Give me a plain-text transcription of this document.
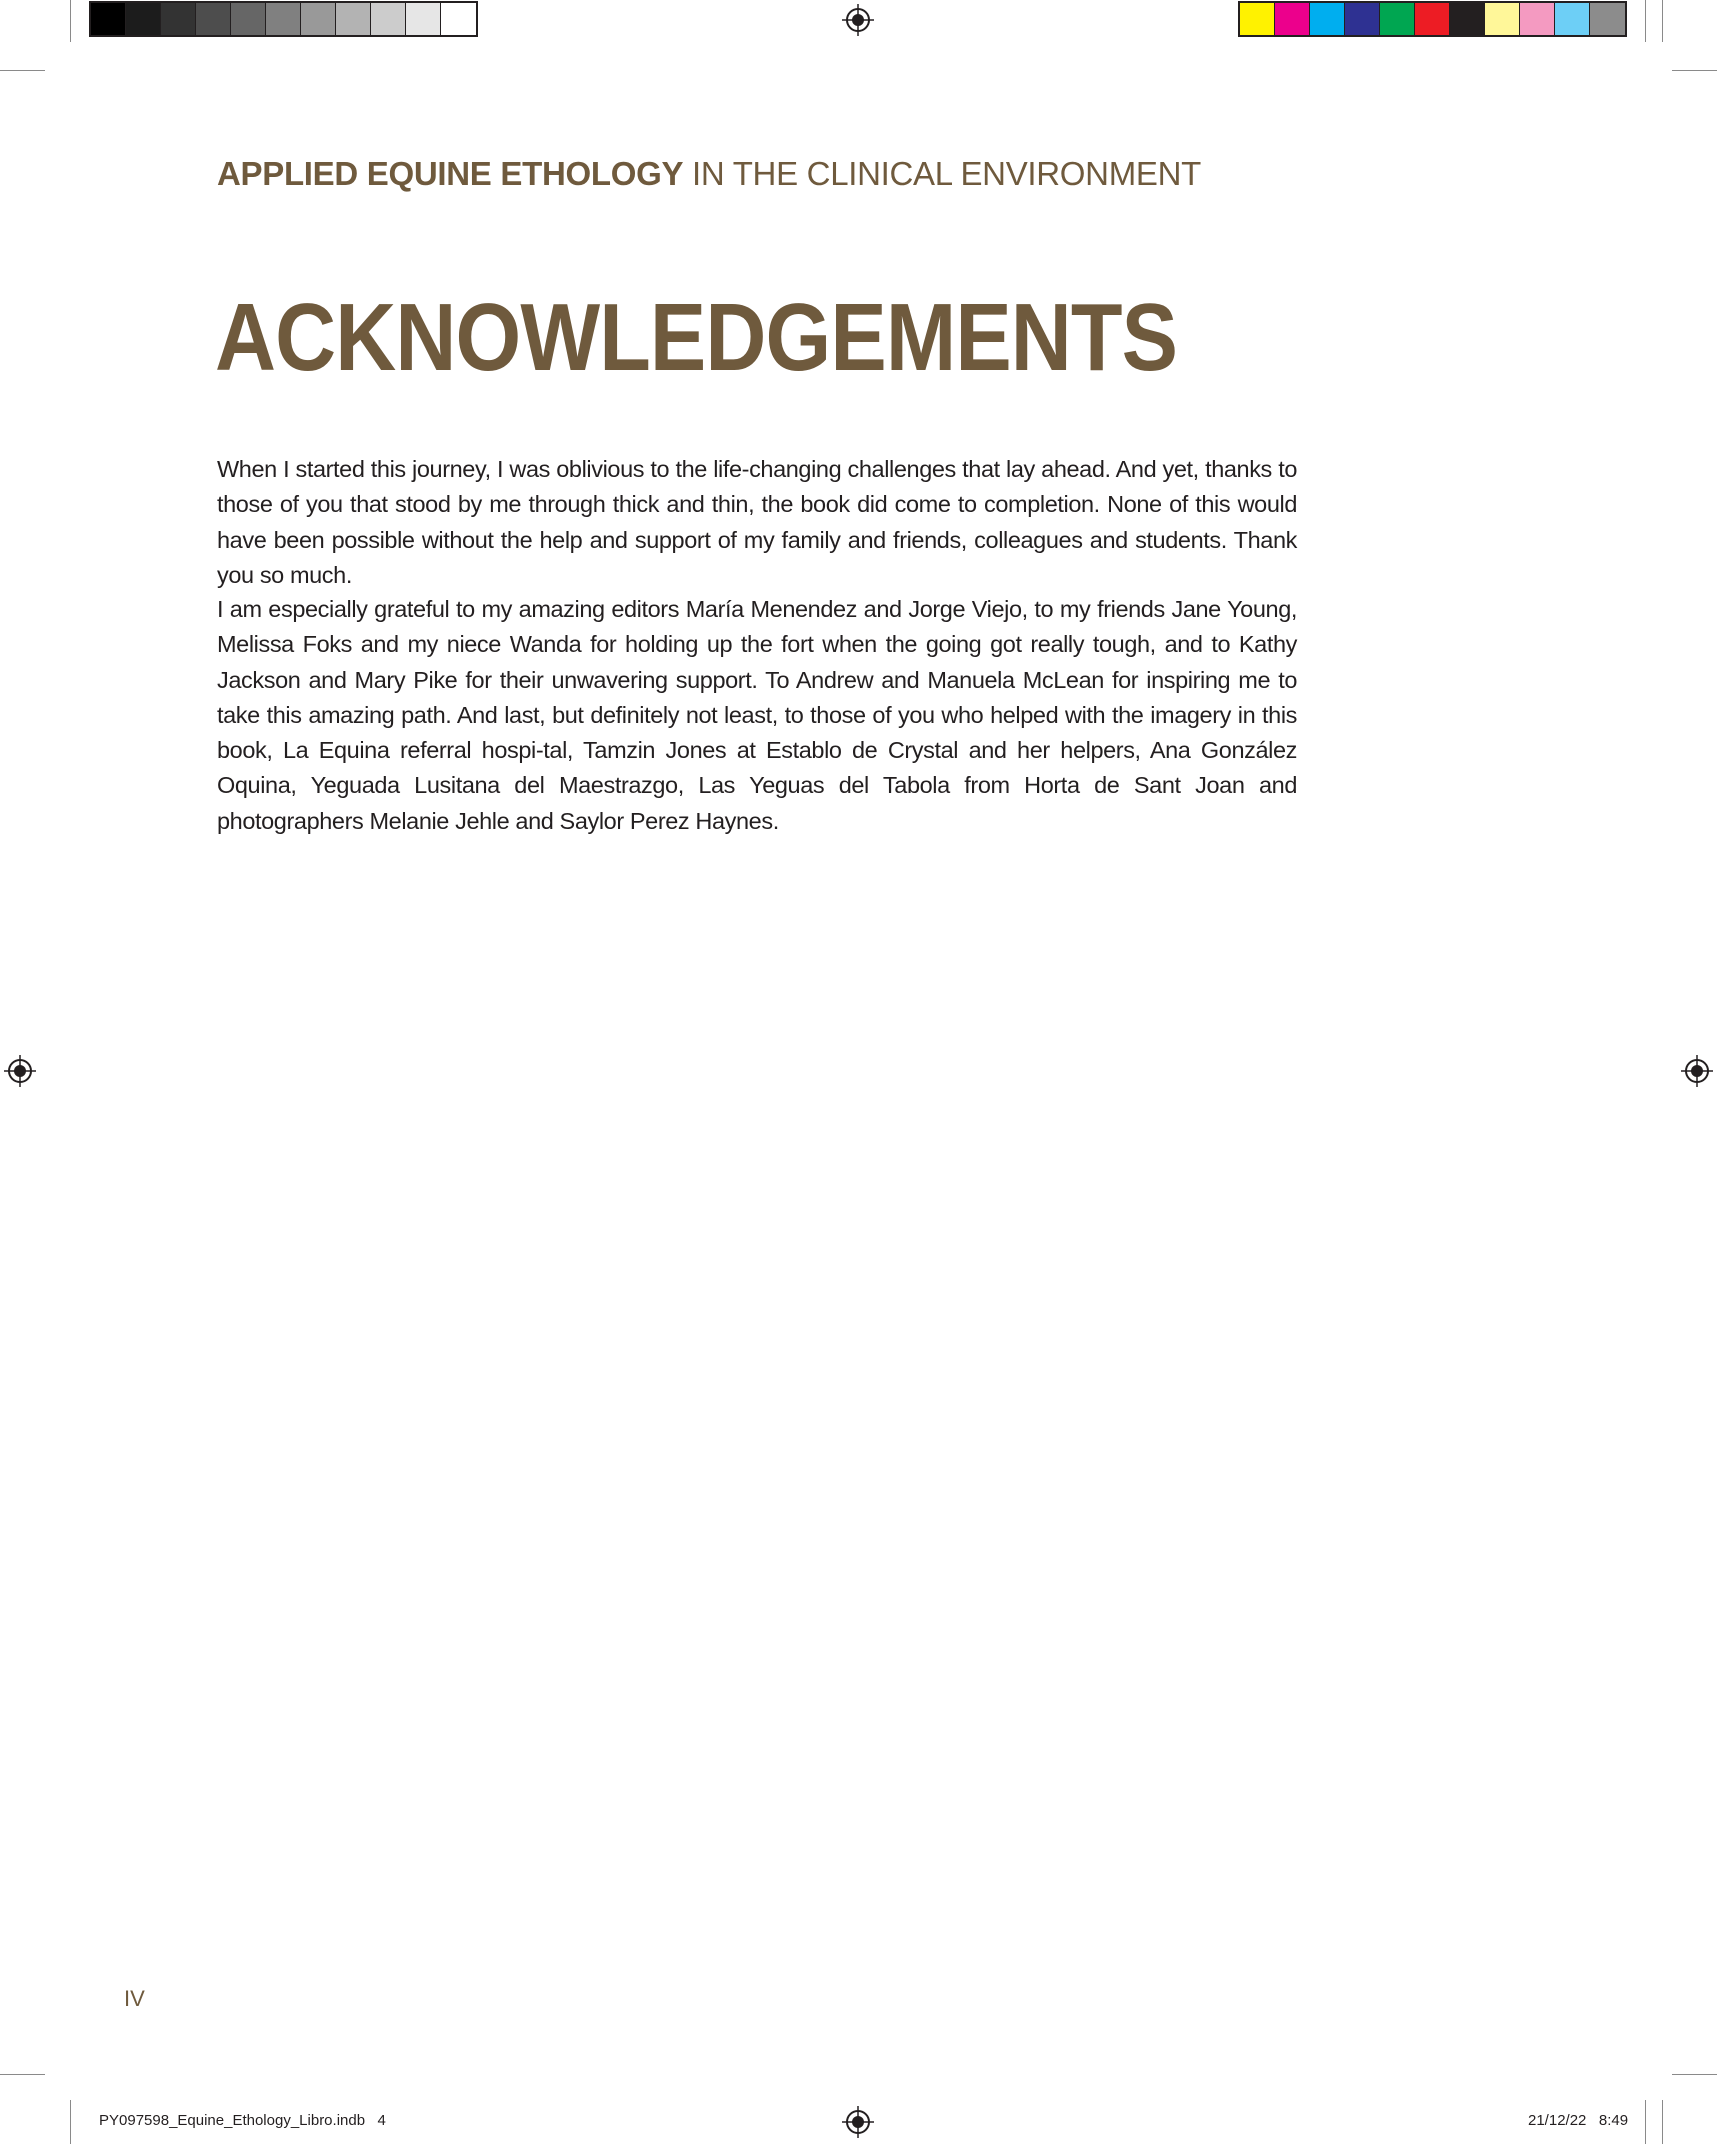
APPLIED EQUINE ETHOLOGY IN THE CLINICAL ENVIRONMENT
ACKNOWLEDGEMENTS

When I started this journey, I was oblivious to the life-changing challenges that lay ahead. And yet, thanks to those of you that stood by me through thick and thin, the book did come to completion. None of this would have been possible without the help and support of my family and friends, colleagues and students. Thank you so much.

I am especially grateful to my amazing editors María Menendez and Jorge Viejo, to my friends Jane Young, Melissa Foks and my niece Wanda for holding up the fort when the going got really tough, and to Kathy Jackson and Mary Pike for their unwavering support. To Andrew and Manuela McLean for inspiring me to take this amazing path. And last, but definitely not least, to those of you who helped with the imagery in this book, La Equina referral hospi-tal, Tamzin Jones at Establo de Crystal and her helpers, Ana González Oquina, Yeguada Lusitana del Maestrazgo, Las Yeguas del Tabola from Horta de Sant Joan and photographers Melanie Jehle and Saylor Perez Haynes.

IV
PY097598_Equine_Ethology_Libro.indb   4	21/12/22 8:49
